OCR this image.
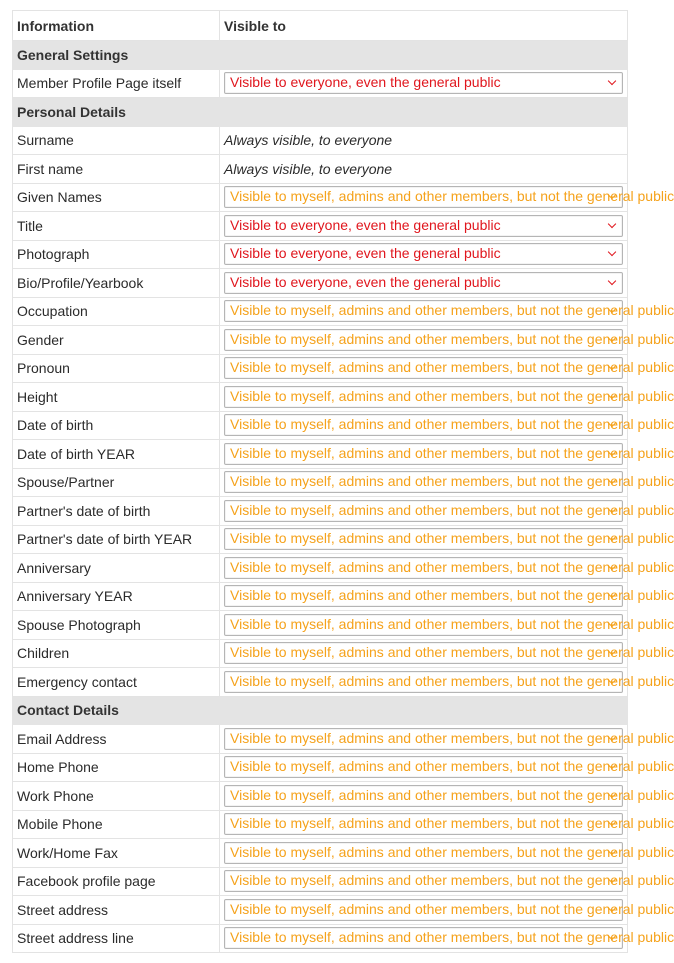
Information	Visible to
General Settings	
Member Profile Page itself	Visible to everyone, even the general public

Personal Details	
Surname	Always visible, to everyone
First name	Always visible, to everyone
Given Names	Visible to myself, admins and other members, but not the general public

Title	Visible to everyone, even the general public

Photograph	Visible to everyone, even the general public

Bio/Profile/Yearbook	Visible to everyone, even the general public

Occupation	Visible to myself, admins and other members, but not the general public

Gender	Visible to myself, admins and other members, but not the general public

Pronoun	Visible to myself, admins and other members, but not the general public

Height	Visible to myself, admins and other members, but not the general public

Date of birth	Visible to myself, admins and other members, but not the general public

Date of birth YEAR	Visible to myself, admins and other members, but not the general public

Spouse/Partner	Visible to myself, admins and other members, but not the general public

Partner's date of birth	Visible to myself, admins and other members, but not the general public

Partner's date of birth YEAR	Visible to myself, admins and other members, but not the general public

Anniversary	Visible to myself, admins and other members, but not the general public

Anniversary YEAR	Visible to myself, admins and other members, but not the general public

Spouse Photograph	Visible to myself, admins and other members, but not the general public

Children	Visible to myself, admins and other members, but not the general public

Emergency contact	Visible to myself, admins and other members, but not the general public

Contact Details	
Email Address	Visible to myself, admins and other members, but not the general public

Home Phone	Visible to myself, admins and other members, but not the general public

Work Phone	Visible to myself, admins and other members, but not the general public

Mobile Phone	Visible to myself, admins and other members, but not the general public

Work/Home Fax	Visible to myself, admins and other members, but not the general public

Facebook profile page	Visible to myself, admins and other members, but not the general public

Street address	Visible to myself, admins and other members, but not the general public

Street address line	Visible to myself, admins and other members, but not the general public
